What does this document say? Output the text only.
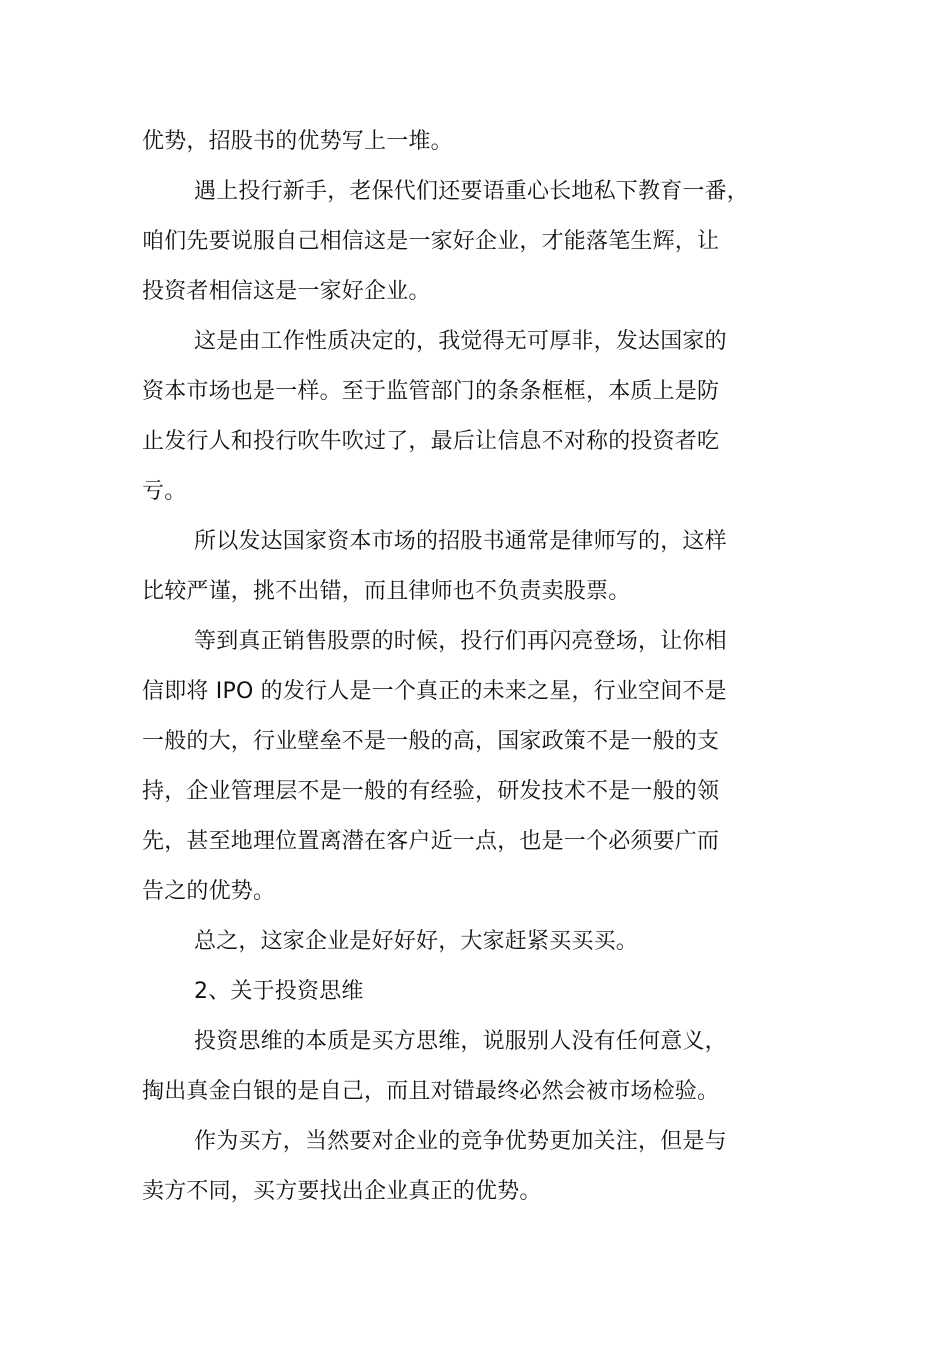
优势，招股书的优势写上一堆。

遇上投行新手，老保代们还要语重心长地私下教育一番，
咱们先要说服自己相信这是一家好企业，才能落笔生辉，让
投资者相信这是一家好企业。

这是由工作性质决定的，我觉得无可厚非，发达国家的
资本市场也是一样。至于监管部门的条条框框，本质上是防
止发行人和投行吹牛吹过了，最后让信息不对称的投资者吃
亏。

所以发达国家资本市场的招股书通常是律师写的，这样
比较严谨，挑不出错，而且律师也不负责卖股票。

等到真正销售股票的时候，投行们再闪亮登场，让你相
信即将 IPO 的发行人是一个真正的未来之星，行业空间不是
一般的大，行业壁垒不是一般的高，国家政策不是一般的支
持，企业管理层不是一般的有经验，研发技术不是一般的领
先，甚至地理位置离潜在客户近一点，也是一个必须要广而
告之的优势。

总之，这家企业是好好好，大家赶紧买买买。

2、关于投资思维

投资思维的本质是买方思维，说服别人没有任何意义，
掏出真金白银的是自己，而且对错最终必然会被市场检验。

作为买方，当然要对企业的竞争优势更加关注，但是与
卖方不同，买方要找出企业真正的优势。
